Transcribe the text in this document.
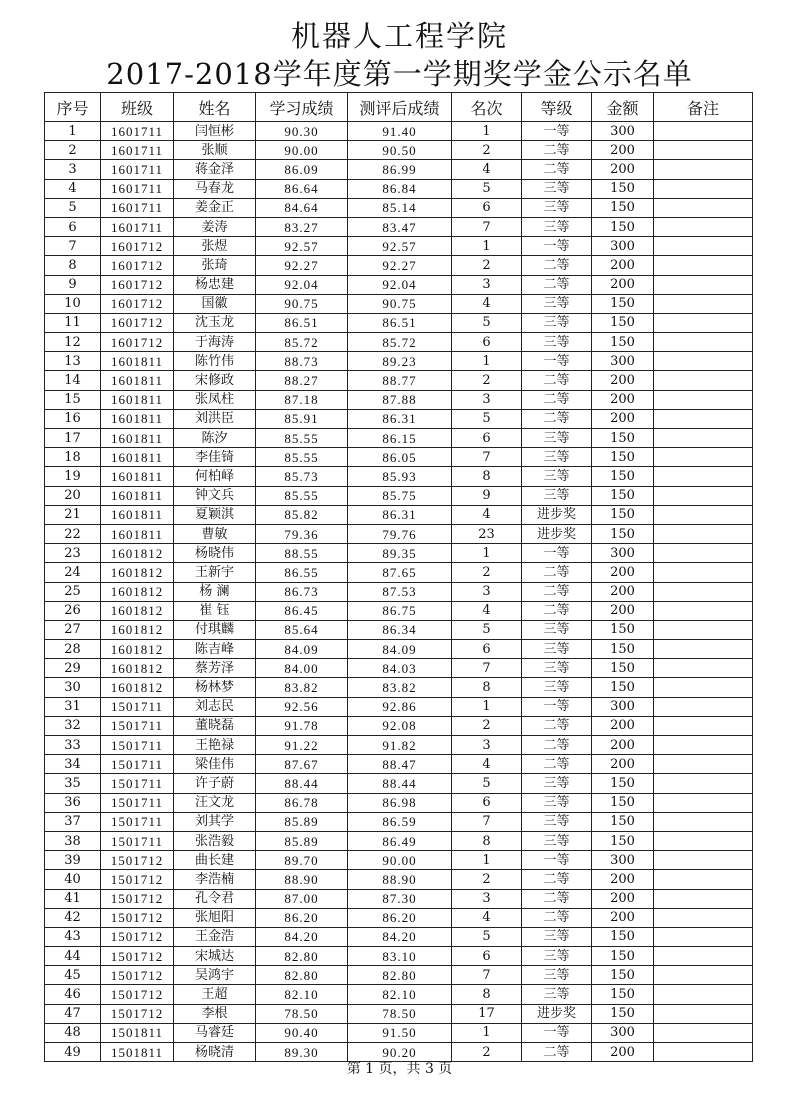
机器人工程学院
2017-2018学年度第一学期奖学金公示名单
序号	班级	姓名	学习成绩	测评后成绩	名次	等级	金额	备注
1	1601711	闫恒彬	90.30	91.40	1	一等	300	
2	1601711	张顺	90.00	90.50	2	二等	200	
3	1601711	蒋金泽	86.09	86.99	4	二等	200	
4	1601711	马春龙	86.64	86.84	5	三等	150	
5	1601711	姜金正	84.64	85.14	6	三等	150	
6	1601711	姜涛	83.27	83.47	7	三等	150	
7	1601712	张煜	92.57	92.57	1	一等	300	
8	1601712	张琦	92.27	92.27	2	二等	200	
9	1601712	杨忠建	92.04	92.04	3	二等	200	
10	1601712	国徽	90.75	90.75	4	三等	150	
11	1601712	沈玉龙	86.51	86.51	5	三等	150	
12	1601712	于海涛	85.72	85.72	6	三等	150	
13	1601811	陈竹伟	88.73	89.23	1	一等	300	
14	1601811	宋修政	88.27	88.77	2	二等	200	
15	1601811	张凤柱	87.18	87.88	3	二等	200	
16	1601811	刘洪臣	85.91	86.31	5	二等	200	
17	1601811	陈汐	85.55	86.15	6	三等	150	
18	1601811	李佳锜	85.55	86.05	7	三等	150	
19	1601811	何柏峄	85.73	85.93	8	三等	150	
20	1601811	钟文兵	85.55	85.75	9	三等	150	
21	1601811	夏颖淇	85.82	86.31	4	进步奖	150	
22	1601811	曹敏	79.36	79.76	23	进步奖	150	
23	1601812	杨晓伟	88.55	89.35	1	一等	300	
24	1601812	王新宇	86.55	87.65	2	二等	200	
25	1601812	杨 澜	86.73	87.53	3	二等	200	
26	1601812	崔 钰	86.45	86.75	4	二等	200	
27	1601812	付琪麟	85.64	86.34	5	三等	150	
28	1601812	陈吉峰	84.09	84.09	6	三等	150	
29	1601812	蔡芳泽	84.00	84.03	7	三等	150	
30	1601812	杨林梦	83.82	83.82	8	三等	150	
31	1501711	刘志民	92.56	92.86	1	一等	300	
32	1501711	董晓磊	91.78	92.08	2	二等	200	
33	1501711	王艳禄	91.22	91.82	3	二等	200	
34	1501711	梁佳伟	87.67	88.47	4	二等	200	
35	1501711	许子蔚	88.44	88.44	5	三等	150	
36	1501711	汪文龙	86.78	86.98	6	三等	150	
37	1501711	刘其学	85.89	86.59	7	三等	150	
38	1501711	张浩毅	85.89	86.49	8	三等	150	
39	1501712	曲长建	89.70	90.00	1	一等	300	
40	1501712	李浩楠	88.90	88.90	2	二等	200	
41	1501712	孔令君	87.00	87.30	3	二等	200	
42	1501712	张旭阳	86.20	86.20	4	二等	200	
43	1501712	王金浩	84.20	84.20	5	三等	150	
44	1501712	宋城达	82.80	83.10	6	三等	150	
45	1501712	吴鸿宇	82.80	82.80	7	三等	150	
46	1501712	王超	82.10	82.10	8	三等	150	
47	1501712	李根	78.50	78.50	17	进步奖	150	
48	1501811	马睿廷	90.40	91.50	1	一等	300	
49	1501811	杨晓清	89.30	90.20	2	二等	200	
第 1 页，共 3 页
